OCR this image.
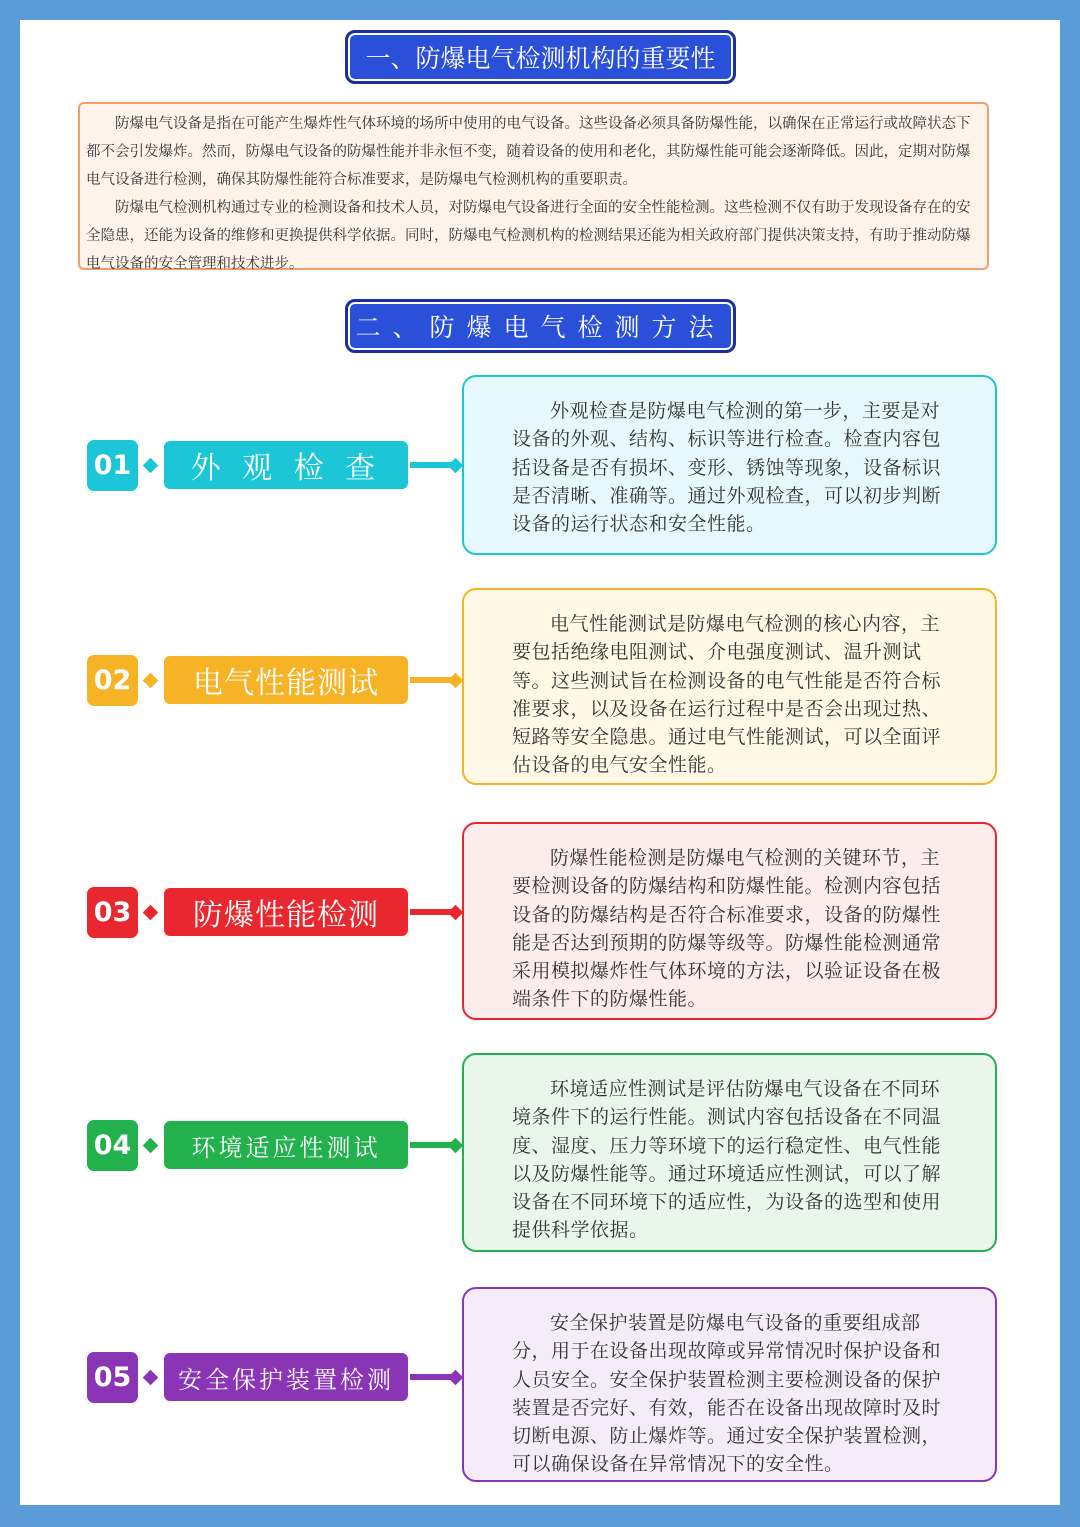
一、防爆电气检测机构的重要性

防爆电气设备是指在可能产生爆炸性气体环境的场所中使用的电气设备。这些设备必须具备防爆性能，以确保在正常运行或故障状态下都不会引发爆炸。然而，防爆电气设备的防爆性能并非永恒不变，随着设备的使用和老化，其防爆性能可能会逐渐降低。因此，定期对防爆电气设备进行检测，确保其防爆性能符合标准要求，是防爆电气检测机构的重要职责。

防爆电气检测机构通过专业的检测设备和技术人员，对防爆电气设备进行全面的安全性能检测。这些检测不仅有助于发现设备存在的安全隐患，还能为设备的维修和更换提供科学依据。同时，防爆电气检测机构的检测结果还能为相关政府部门提供决策支持，有助于推动防爆电气设备的安全管理和技术进步。

二、防爆电气检测方法
01	外 观 检 查

外观检查是防爆电气检测的第一步，主要是对设备的外观、结构、标识等进行检查。检查内容包括设备是否有损坏、变形、锈蚀等现象，设备标识是否清晰、准确等。通过外观检查，可以初步判断设备的运行状态和安全性能。

02	电气性能测试

电气性能测试是防爆电气检测的核心内容，主要包括绝缘电阻测试、介电强度测试、温升测试等。这些测试旨在检测设备的电气性能是否符合标准要求，以及设备在运行过程中是否会出现过热、短路等安全隐患。通过电气性能测试，可以全面评估设备的电气安全性能。

03	防爆性能检测

防爆性能检测是防爆电气检测的关键环节，主要检测设备的防爆结构和防爆性能。检测内容包括设备的防爆结构是否符合标准要求，设备的防爆性能是否达到预期的防爆等级等。防爆性能检测通常采用模拟爆炸性气体环境的方法，以验证设备在极端条件下的防爆性能。

04	环境适应性测试

环境适应性测试是评估防爆电气设备在不同环境条件下的运行性能。测试内容包括设备在不同温度、湿度、压力等环境下的运行稳定性、电气性能以及防爆性能等。通过环境适应性测试，可以了解设备在不同环境下的适应性，为设备的选型和使用提供科学依据。

05	安全保护装置检测

安全保护装置是防爆电气设备的重要组成部分，用于在设备出现故障或异常情况时保护设备和人员安全。安全保护装置检测主要检测设备的保护装置是否完好、有效，能否在设备出现故障时及时切断电源、防止爆炸等。通过安全保护装置检测，可以确保设备在异常情况下的安全性。
